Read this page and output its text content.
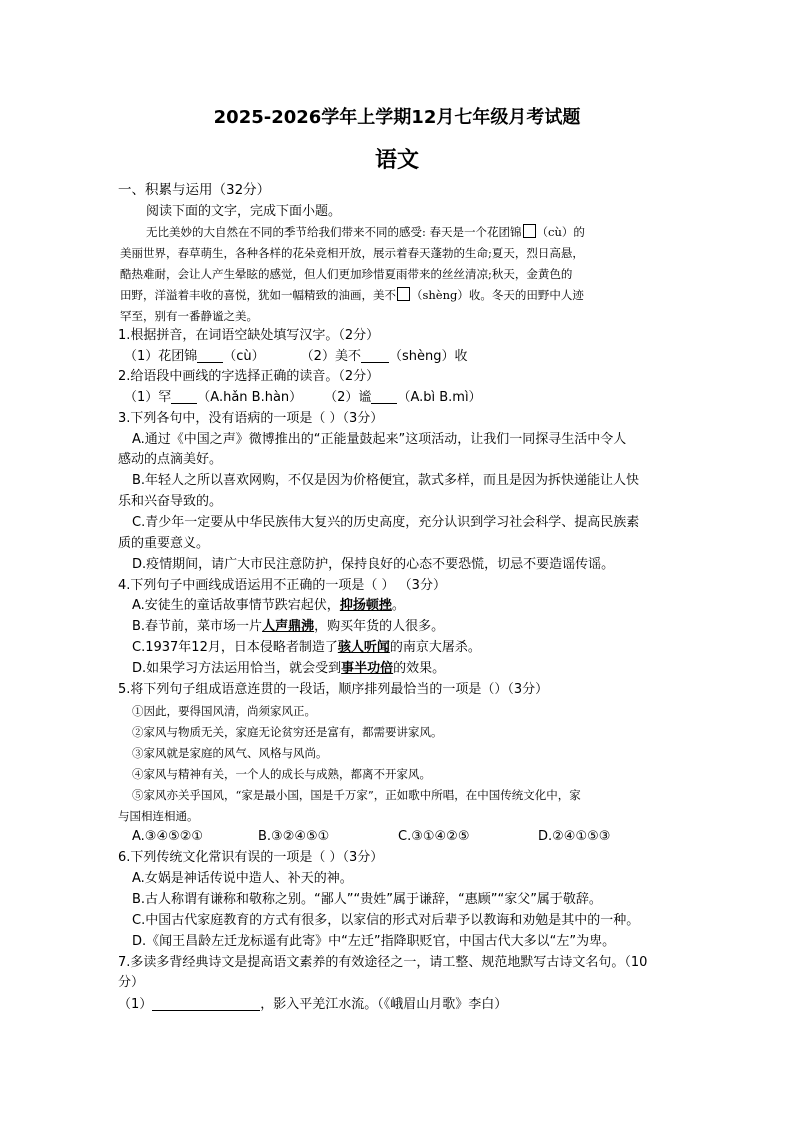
2025-2026学年上学期12月七年级月考试题
语文
一、积累与运用（32分）
阅读下面的文字，完成下面小题。
无比美妙的大自然在不同的季节给我们带来不同的感受: 春天是一个花团锦 （cù）的
美丽世界，春草萌生，各种各样的花朵竞相开放，展示着春天蓬勃的生命;夏天，烈日高悬，
酷热难耐，会让人产生晕眩的感觉，但人们更加珍惜夏雨带来的丝丝清凉;秋天，金黄色的
田野，洋溢着丰收的喜悦，犹如一幅精致的油画，美不 （shèng）收。冬天的田野中人迹
罕至，别有一番静谧之美。
1.根据拼音，在词语空缺处填写汉字。（2分）
（1）花团锦 （cù）	（2）美不 （shèng）收
2.给语段中画线的字选择正确的读音。（2分）
（1）罕 （A.hǎn B.hàn） （2）谧 （A.bì B.mì）
3.下列各句中，没有语病的一项是（ ）（3分）
A.通过《中国之声》微博推出的“正能量鼓起来”这项活动，让我们一同探寻生活中令人
感动的点滴美好。
B.年轻人之所以喜欢网购，不仅是因为价格便宜，款式多样，而且是因为拆快递能让人快
乐和兴奋导致的。
C.青少年一定要从中华民族伟大复兴的历史高度，充分认识到学习社会科学、提高民族素
质的重要意义。
D.疫情期间，请广大市民注意防护，保持良好的心态不要恐慌，切忌不要造谣传谣。
4.下列句子中画线成语运用不正确的一项是（ ） （3分）
A.安徒生的童话故事情节跌宕起伏，抑扬顿挫。
B.春节前，菜市场一片人声鼎沸，购买年货的人很多。
C.1937年12月，日本侵略者制造了骇人听闻的南京大屠杀。
D.如果学习方法运用恰当，就会受到事半功倍的效果。
5.将下列句子组成语意连贯的一段话，顺序排列最恰当的一项是（）（3分）
①因此，要得国风清，尚须家风正。
②家风与物质无关，家庭无论贫穷还是富有，都需要讲家风。
③家风就是家庭的风气、风格与风尚。
④家风与精神有关，一个人的成长与成熟，都离不开家风。
⑤家风亦关乎国风，“家是最小国，国是千万家”，正如歌中所唱，在中国传统文化中，家
与国相连相通。
A.③④⑤②①	B.③②④⑤①	C.③①④②⑤	D.②④①⑤③
6.下列传统文化常识有误的一项是（ ）（3分）
A.女娲是神话传说中造人、补天的神。
B.古人称谓有谦称和敬称之别。“鄙人”“贵姓”属于谦辞，“惠顾”“家父”属于敬辞。
C.中国古代家庭教育的方式有很多，以家信的形式对后辈予以教诲和劝勉是其中的一种。
D.《闻王昌龄左迁龙标遥有此寄》中“左迁”指降职贬官，中国古代大多以“左”为卑。
7.多读多背经典诗文是提高语文素养的有效途径之一，请工整、规范地默写古诗文名句。（10
分）
（1）	，影入平羌江水流。（《峨眉山月歌》李白）
